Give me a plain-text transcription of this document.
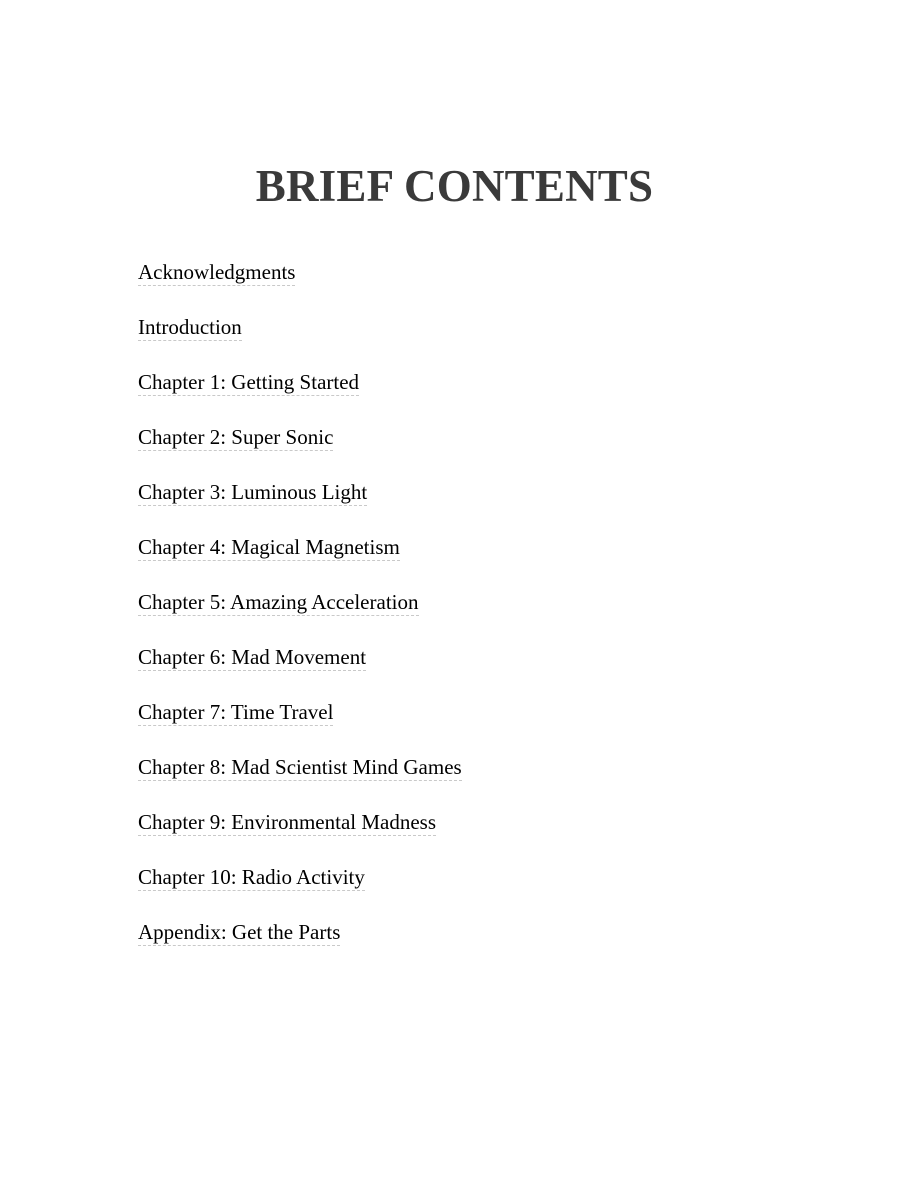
BRIEF CONTENTS
Acknowledgments
Introduction
Chapter 1: Getting Started
Chapter 2: Super Sonic
Chapter 3: Luminous Light
Chapter 4: Magical Magnetism
Chapter 5: Amazing Acceleration
Chapter 6: Mad Movement
Chapter 7: Time Travel
Chapter 8: Mad Scientist Mind Games
Chapter 9: Environmental Madness
Chapter 10: Radio Activity
Appendix: Get the Parts
